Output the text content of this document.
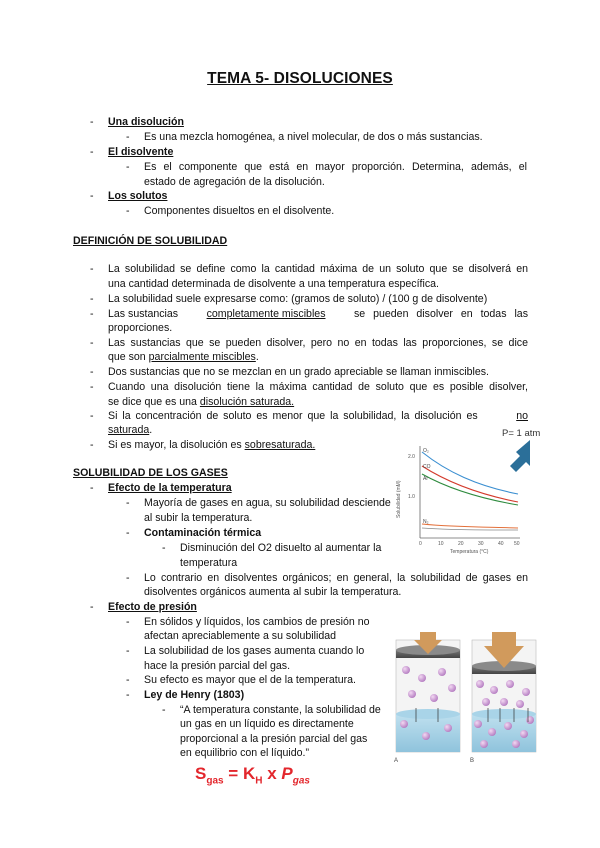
TEMA 5- DISOLUCIONES
- Una disolución
- Es una mezcla homogénea, a nivel molecular, de dos o más sustancias.
- El disolvente
- Es el componente que está en mayor proporción. Determina, además, el
estado de agregación de la disolución.
- Los solutos
- Componentes disueltos en el disolvente.
DEFINICIÓN DE SOLUBILIDAD
- La solubilidad se define como la cantidad máxima de un soluto que se disolverá en
una cantidad determinada de disolvente a una temperatura específica.
- La solubilidad suele expresarse como: (gramos de soluto) / (100 g de disolvente)
- Las sustancias	completamente miscibles	se pueden disolver en todas las
proporciones.
- Las sustancias que se pueden disolver, pero no en todas las proporciones, se dice
que son parcialmente miscibles.
- Dos sustancias que no se mezclan en un grado apreciable se llaman inmiscibles.
- Cuando una disolución tiene la máxima cantidad de soluto que es posible disolver,
se dice que es una disolución saturada.
- Si la concentración de soluto es menor que la solubilidad, la disolución es	no
saturada.
- Si es mayor, la disolución es sobresaturada.
SOLUBILIDAD DE LOS GASES
- Efecto de la temperatura
- Mayoría de gases en agua, su solubilidad desciende
al subir la temperatura.
- Contaminación térmica
- Disminución del O2 disuelto al aumentar la
temperatura
- Lo contrario en disolventes orgánicos; en general, la solubilidad de gases en
disolventes orgánicos aumenta al subir la temperatura.
- Efecto de presión
- En sólidos y líquidos, los cambios de presión no
afectan apreciablemente a su solubilidad
- La solubilidad de los gases aumenta cuando lo
hace la presión parcial del gas.
- Su efecto es mayor que el de la temperatura.
- Ley de Henry (1803)
- “A temperatura constante, la solubilidad de
un gas en un líquido es directamente
proporcional a la presión parcial del gas
en equilibrio con el líquido.”
$S_{gas} = K_H$ x $P_{gas}$
P= 1 atm
O₂
CO
Ar
N₂
2.0
1.0
0	10	20	30	40 50
Temperatura (°C)
Solubilidad (mM)
A	B
